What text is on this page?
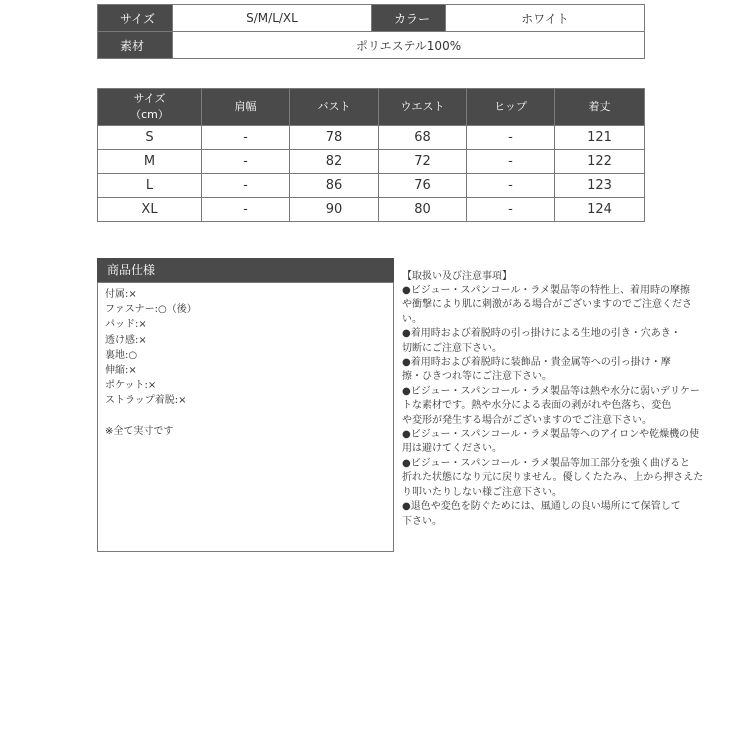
サイズ	S/M/L/XL	カラー	ホワイト
素材	ポリエステル100%		
サイズ
（cm）	肩幅	バスト	ウエスト	ヒップ	着丈
S	-	78	68	-	121
M	-	82	72	-	122
L	-	86	76	-	123
XL	-	90	80	-	124
商品仕様
付属:×
ファスナー:○（後）
パッド:×
透け感:×
裏地:○
伸縮:×
ポケット:×
ストラップ着脱:×
※全て実寸です
【取扱い及び注意事項】
●ビジュー・スパンコール・ラメ製品等の特性上、着用時の摩擦
や衝撃により肌に刺激がある場合がございますのでご注意くださ
い。
●着用時および着脱時の引っ掛けによる生地の引き・穴あき・
切断にご注意下さい。
●着用時および着脱時に装飾品・貴金属等への引っ掛け・摩
擦・ひきつれ等にご注意下さい。
●ビジュー・スパンコール・ラメ製品等は熱や水分に弱いデリケー
トな素材です。熱や水分による表面の剥がれや色落ち、変色
や変形が発生する場合がございますのでご注意下さい。
●ビジュー・スパンコール・ラメ製品等へのアイロンや乾燥機の使
用は避けてください。
●ビジュー・スパンコール・ラメ製品等加工部分を強く曲げると
折れた状態になり元に戻りません。優しくたたみ、上から押さえた
り叩いたりしない様ご注意下さい。
●退色や変色を防ぐためには、風通しの良い場所にて保管して
下さい。
